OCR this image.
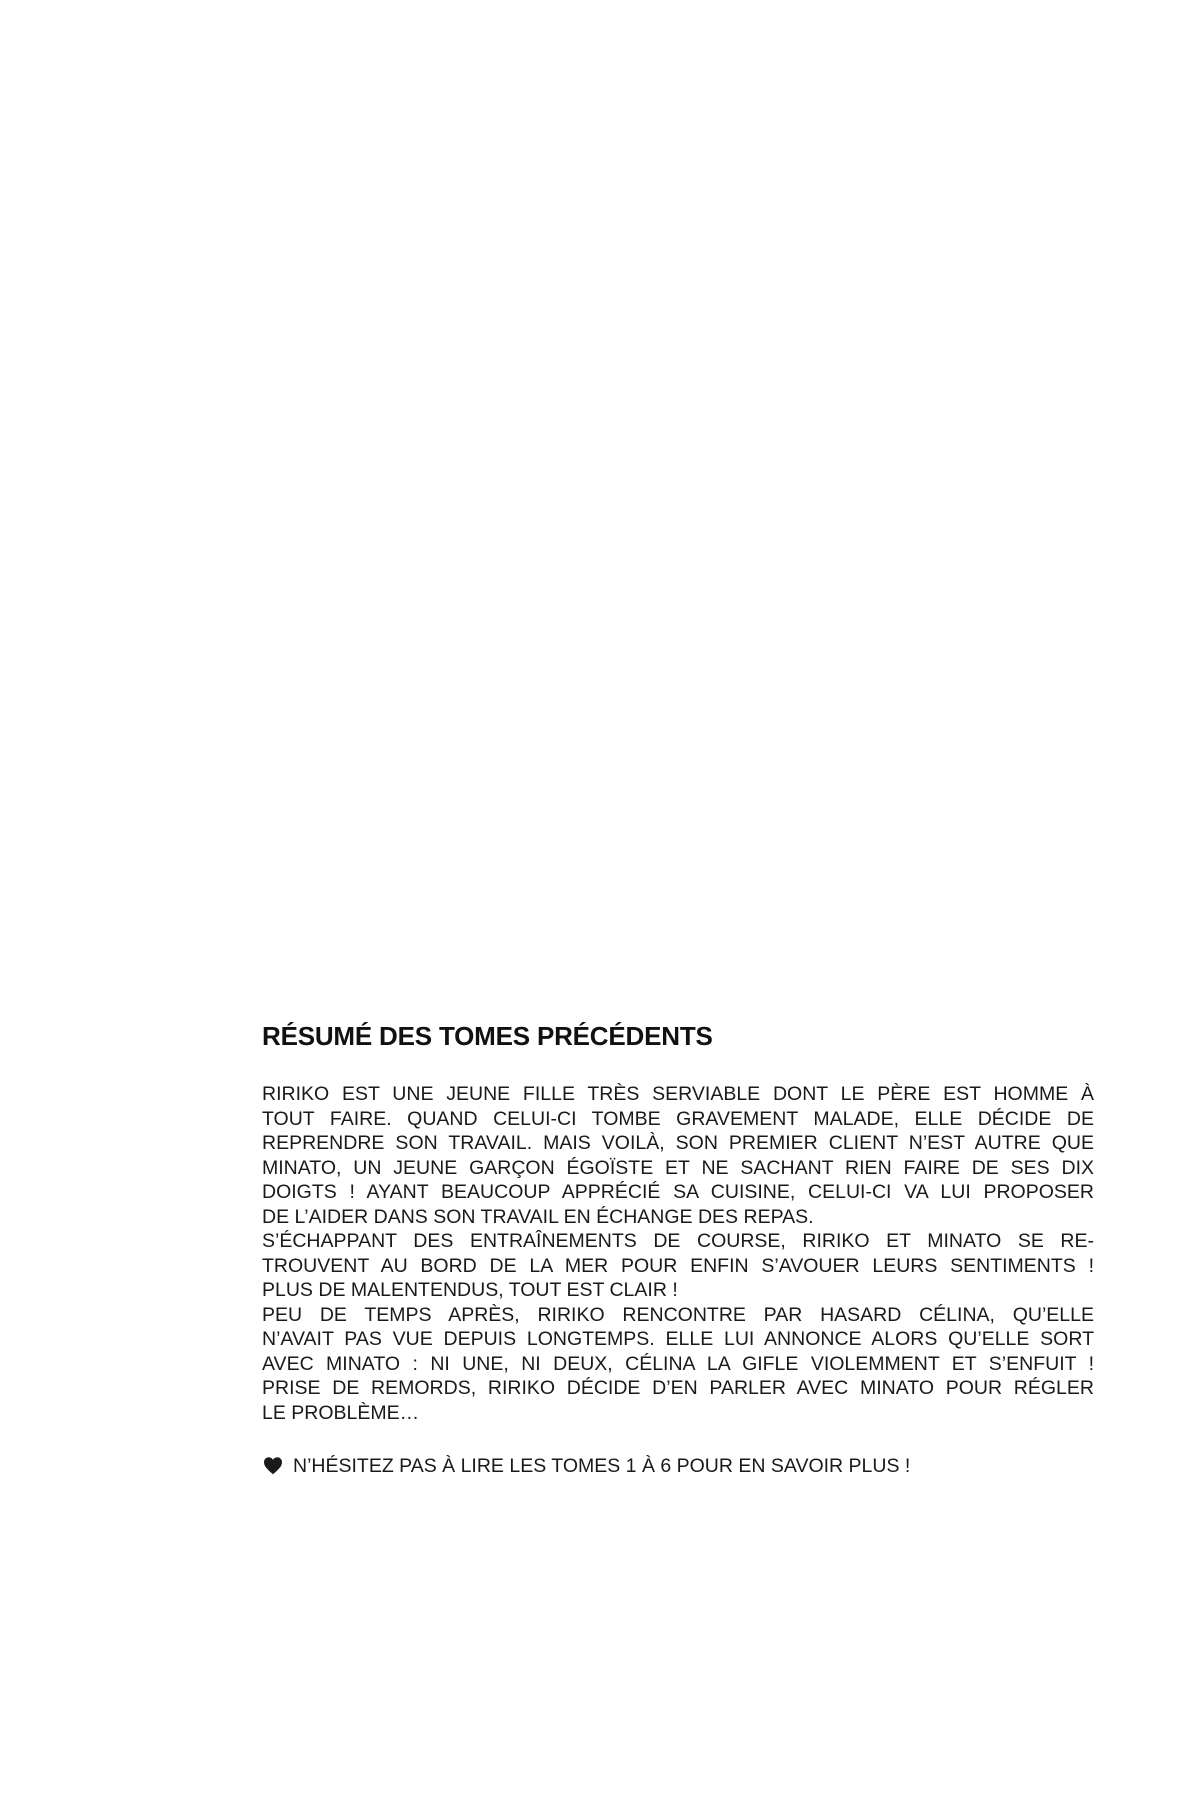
RÉSUMÉ DES TOMES PRÉCÉDENTS
RIRIKO EST UNE JEUNE FILLE TRÈS SERVIABLE DONT LE PÈRE EST HOMME À
TOUT FAIRE. QUAND CELUI-CI TOMBE GRAVEMENT MALADE, ELLE DÉCIDE DE
REPRENDRE SON TRAVAIL. MAIS VOILÀ, SON PREMIER CLIENT N’EST AUTRE QUE
MINATO, UN JEUNE GARÇON ÉGOÏSTE ET NE SACHANT RIEN FAIRE DE SES DIX
DOIGTS ! AYANT BEAUCOUP APPRÉCIÉ SA CUISINE, CELUI-CI VA LUI PROPOSER
DE L’AIDER DANS SON TRAVAIL EN ÉCHANGE DES REPAS.
S’ÉCHAPPANT DES ENTRAÎNEMENTS DE COURSE, RIRIKO ET MINATO SE RE-
TROUVENT AU BORD DE LA MER POUR ENFIN S’AVOUER LEURS SENTIMENTS !
PLUS DE MALENTENDUS, TOUT EST CLAIR !
PEU DE TEMPS APRÈS, RIRIKO RENCONTRE PAR HASARD CÉLINA, QU’ELLE
N’AVAIT PAS VUE DEPUIS LONGTEMPS. ELLE LUI ANNONCE ALORS QU’ELLE SORT
AVEC MINATO : NI UNE, NI DEUX, CÉLINA LA GIFLE VIOLEMMENT ET S’ENFUIT !
PRISE DE REMORDS, RIRIKO DÉCIDE D’EN PARLER AVEC MINATO POUR RÉGLER
LE PROBLÈME…
N’HÉSITEZ PAS À LIRE LES TOMES 1 À 6 POUR EN SAVOIR PLUS !
